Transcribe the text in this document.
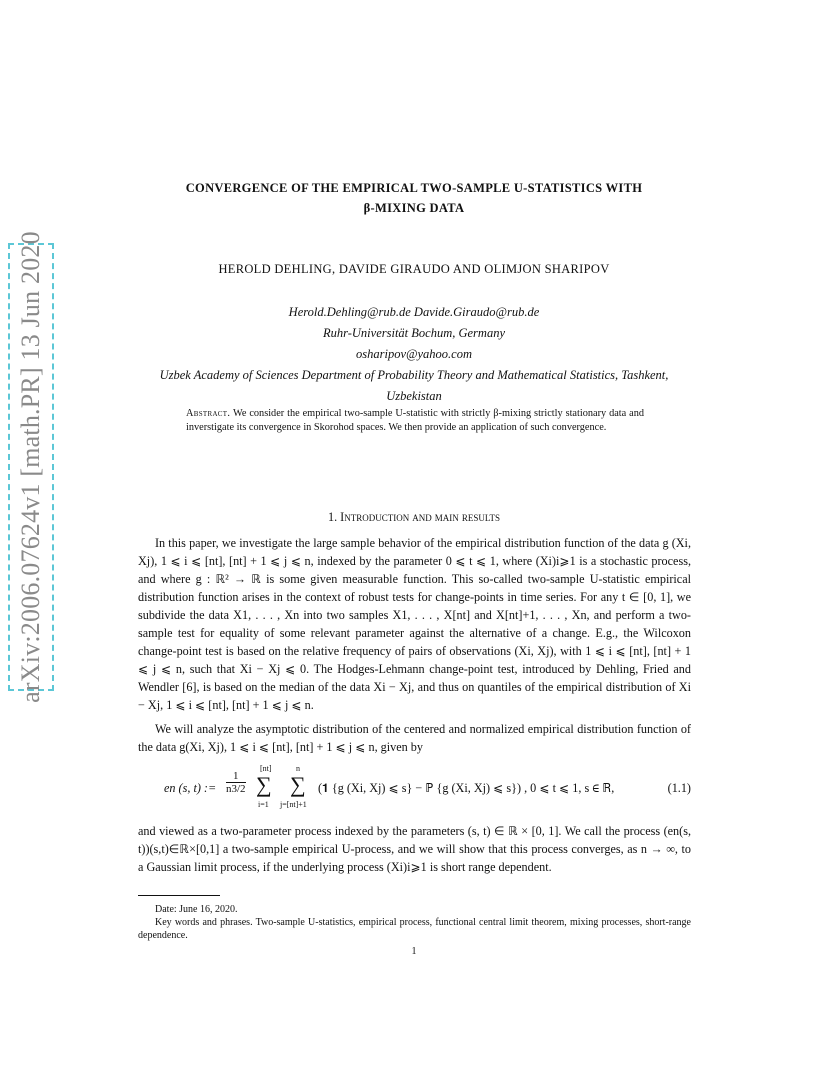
arXiv:2006.07624v1 [math.PR] 13 Jun 2020
CONVERGENCE OF THE EMPIRICAL TWO-SAMPLE U-STATISTICS WITH
β-MIXING DATA
HEROLD DEHLING, DAVIDE GIRAUDO AND OLIMJON SHARIPOV
Herold.Dehling@rub.de Davide.Giraudo@rub.de
Ruhr-Universität Bochum, Germany
osharipov@yahoo.com
Uzbek Academy of Sciences Department of Probability Theory and Mathematical Statistics, Tashkent,
Uzbekistan
Abstract. We consider the empirical two-sample U-statistic with strictly β-mixing strictly stationary data and inverstigate its convergence in Skorohod spaces. We then provide an application of such convergence.
1. Introduction and main results
In this paper, we investigate the large sample behavior of the empirical distribution function of the data g (Xi, Xj), 1 ⩽ i ⩽ [nt], [nt] + 1 ⩽ j ⩽ n, indexed by the parameter 0 ⩽ t ⩽ 1, where (Xi)i⩾1 is a stochastic process, and where g : ℝ² → ℝ is some given measurable function. This so-called two-sample U-statistic empirical distribution function arises in the context of robust tests for change-points in time series. For any t ∈ [0, 1], we subdivide the data X1, . . . , Xn into two samples X1, . . . , X[nt] and X[nt]+1, . . . , Xn, and perform a two-sample test for equality of some relevant parameter against the alternative of a change. E.g., the Wilcoxon change-point test is based on the relative frequency of pairs of observations (Xi, Xj), with 1 ⩽ i ⩽ [nt], [nt] + 1 ⩽ j ⩽ n, such that Xi − Xj ⩽ 0. The Hodges-Lehmann change-point test, introduced by Dehling, Fried and Wendler [6], is based on the median of the data Xi − Xj, and thus on quantiles of the empirical distribution of Xi − Xj, 1 ⩽ i ⩽ [nt], [nt] + 1 ⩽ j ⩽ n.
We will analyze the asymptotic distribution of the centered and normalized empirical distribution function of the data g(Xi, Xj), 1 ⩽ i ⩽ [nt], [nt] + 1 ⩽ j ⩽ n, given by
en (s, t) := $\frac{1}{n3/2}$
[nt]
∑
i=1
n
∑
j=[nt]+1
(𝟏 {g (Xi, Xj) ⩽ s} − ℙ {g (Xi, Xj) ⩽ s}) , 0 ⩽ t ⩽ 1, s ∈ ℝ,	(1.1)
and viewed as a two-parameter process indexed by the parameters (s, t) ∈ ℝ × [0, 1]. We call the process (en(s, t))(s,t)∈ℝ×[0,1] a two-sample empirical U-process, and we will show that this process converges, as n → ∞, to a Gaussian limit process, if the underlying process (Xi)i⩾1 is short range dependent.
Date: June 16, 2020.
Key words and phrases. Two-sample U-statistics, empirical process, functional central limit theorem, mixing processes, short-range dependence.
1
